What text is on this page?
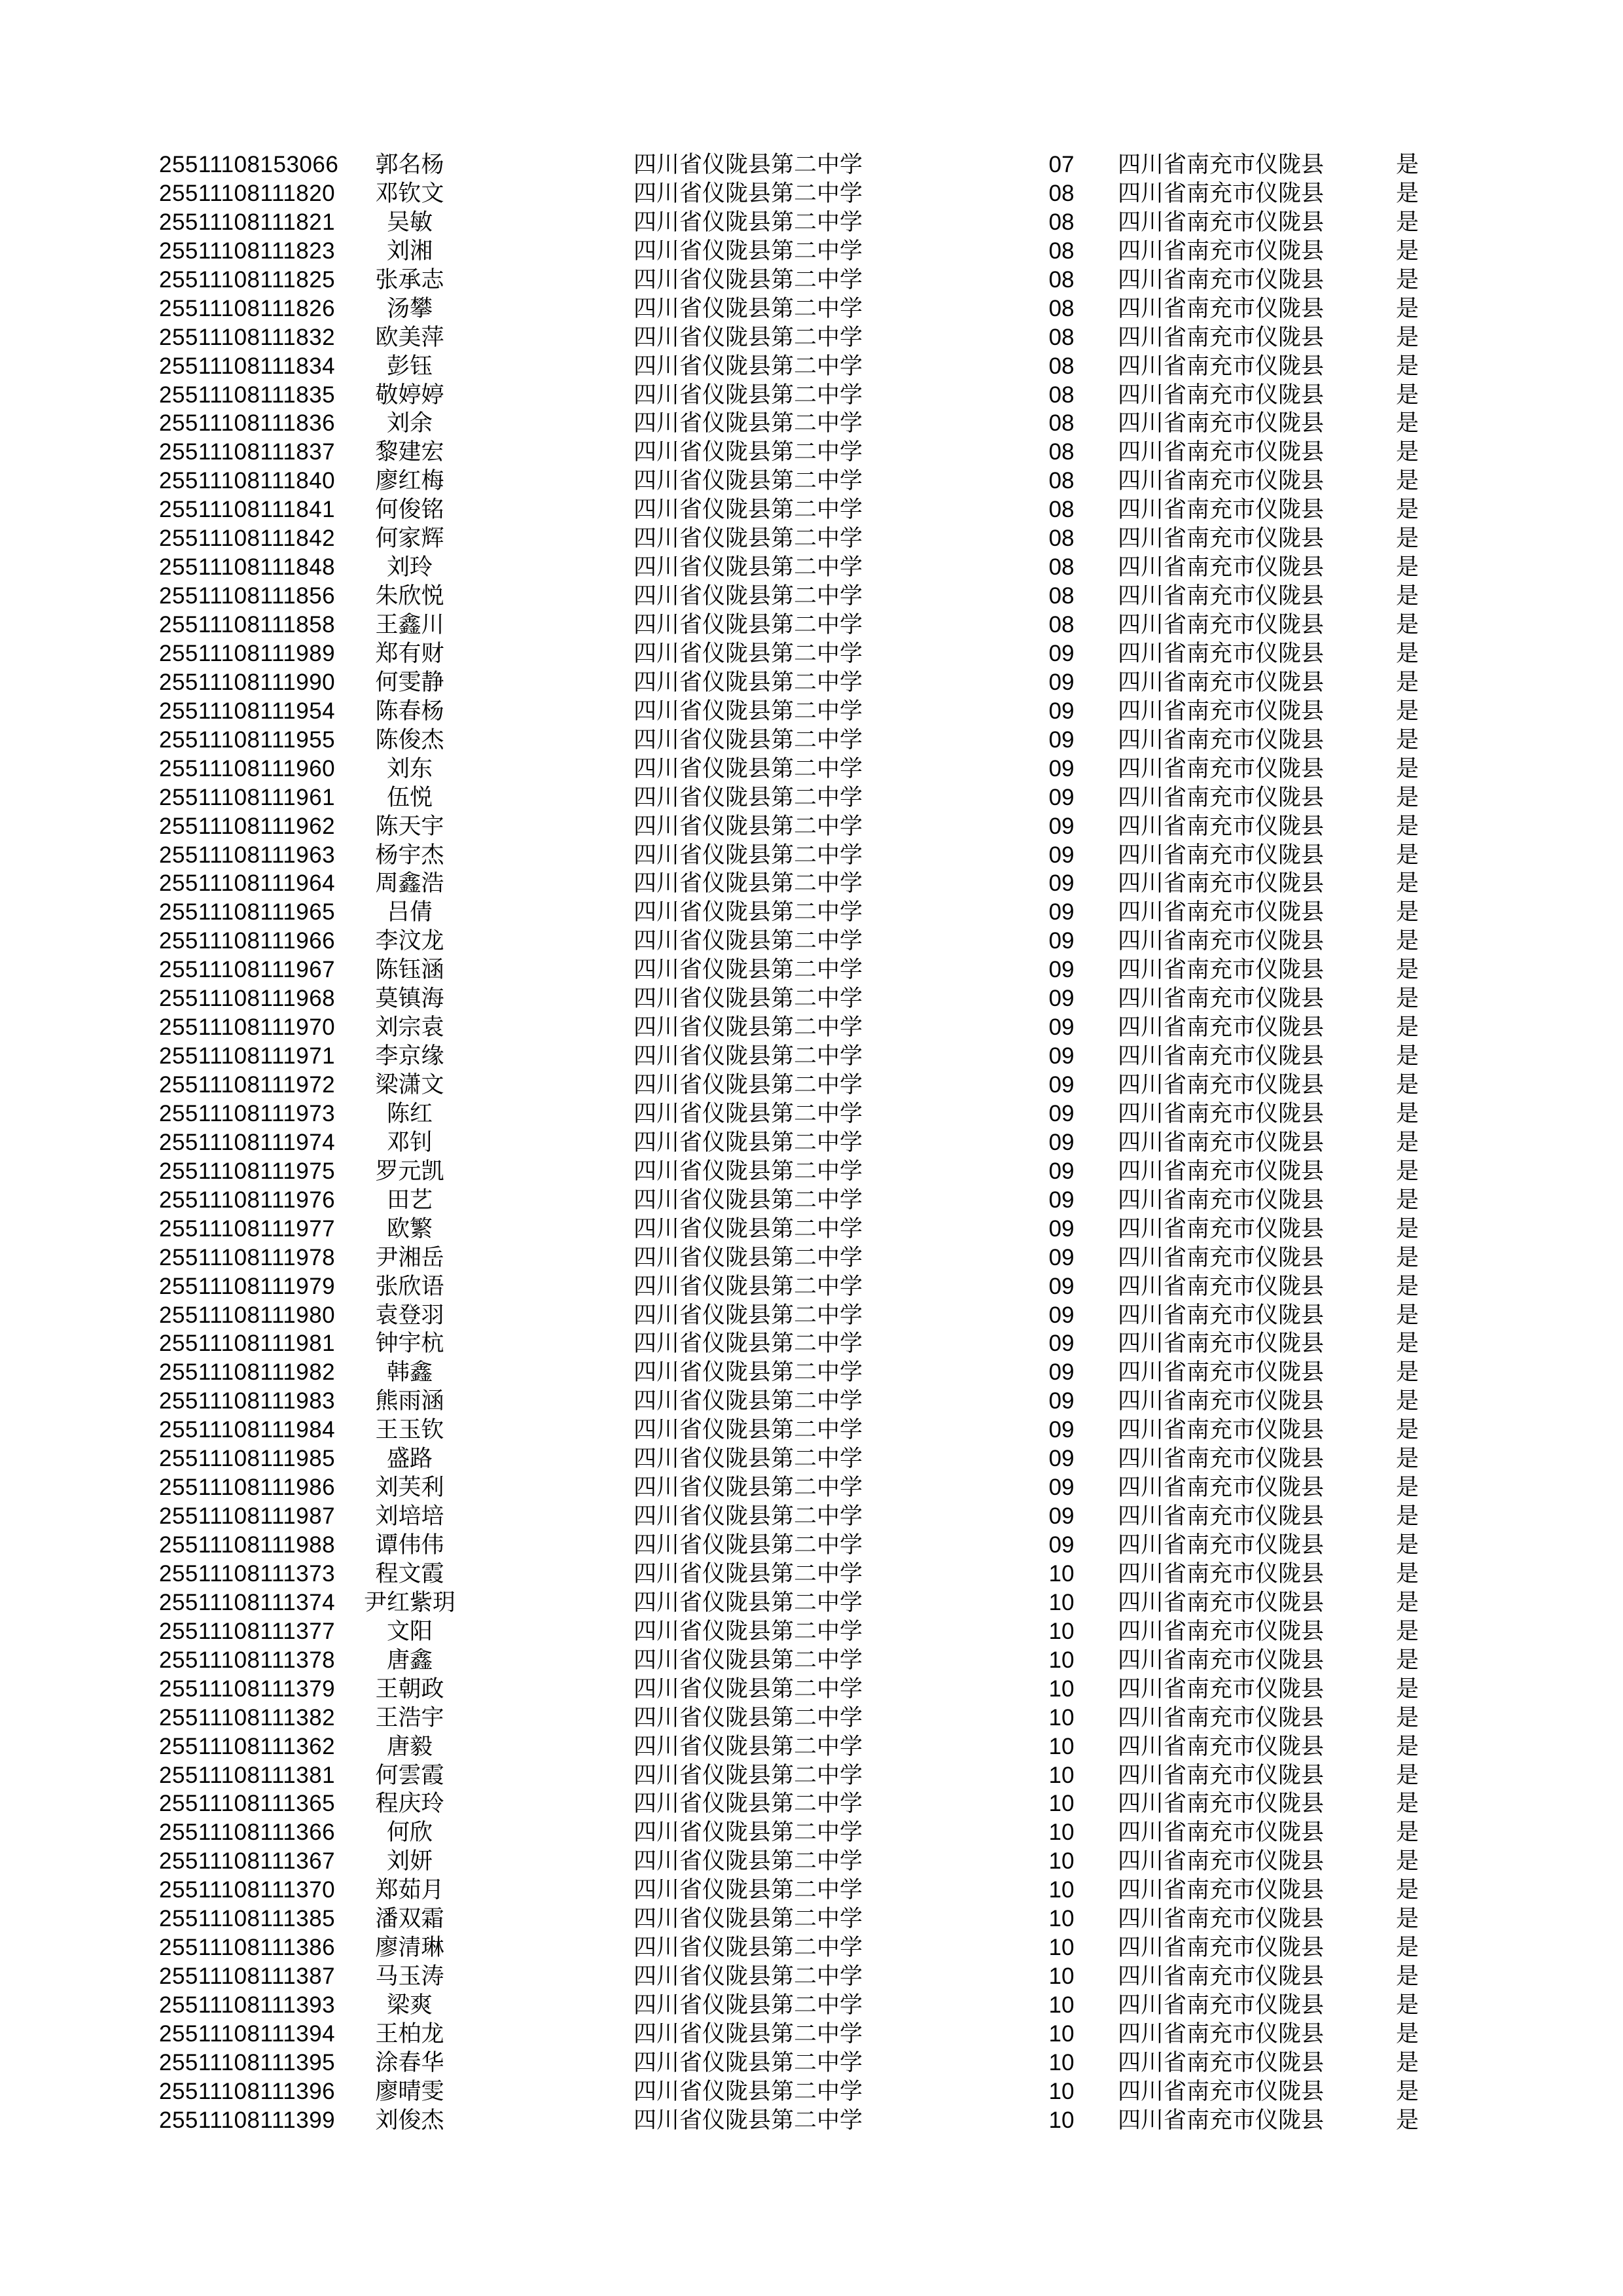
25511108153066	郭名杨	四川省仪陇县第二中学	07	四川省南充市仪陇县	是
25511108111820	邓钦文	四川省仪陇县第二中学	08	四川省南充市仪陇县	是
25511108111821	吴敏	四川省仪陇县第二中学	08	四川省南充市仪陇县	是
25511108111823	刘湘	四川省仪陇县第二中学	08	四川省南充市仪陇县	是
25511108111825	张承志	四川省仪陇县第二中学	08	四川省南充市仪陇县	是
25511108111826	汤攀	四川省仪陇县第二中学	08	四川省南充市仪陇县	是
25511108111832	欧美萍	四川省仪陇县第二中学	08	四川省南充市仪陇县	是
25511108111834	彭钰	四川省仪陇县第二中学	08	四川省南充市仪陇县	是
25511108111835	敬婷婷	四川省仪陇县第二中学	08	四川省南充市仪陇县	是
25511108111836	刘余	四川省仪陇县第二中学	08	四川省南充市仪陇县	是
25511108111837	黎建宏	四川省仪陇县第二中学	08	四川省南充市仪陇县	是
25511108111840	廖红梅	四川省仪陇县第二中学	08	四川省南充市仪陇县	是
25511108111841	何俊铭	四川省仪陇县第二中学	08	四川省南充市仪陇县	是
25511108111842	何家辉	四川省仪陇县第二中学	08	四川省南充市仪陇县	是
25511108111848	刘玲	四川省仪陇县第二中学	08	四川省南充市仪陇县	是
25511108111856	朱欣悦	四川省仪陇县第二中学	08	四川省南充市仪陇县	是
25511108111858	王鑫川	四川省仪陇县第二中学	08	四川省南充市仪陇县	是
25511108111989	郑有财	四川省仪陇县第二中学	09	四川省南充市仪陇县	是
25511108111990	何雯静	四川省仪陇县第二中学	09	四川省南充市仪陇县	是
25511108111954	陈春杨	四川省仪陇县第二中学	09	四川省南充市仪陇县	是
25511108111955	陈俊杰	四川省仪陇县第二中学	09	四川省南充市仪陇县	是
25511108111960	刘东	四川省仪陇县第二中学	09	四川省南充市仪陇县	是
25511108111961	伍悦	四川省仪陇县第二中学	09	四川省南充市仪陇县	是
25511108111962	陈天宇	四川省仪陇县第二中学	09	四川省南充市仪陇县	是
25511108111963	杨宇杰	四川省仪陇县第二中学	09	四川省南充市仪陇县	是
25511108111964	周鑫浩	四川省仪陇县第二中学	09	四川省南充市仪陇县	是
25511108111965	吕倩	四川省仪陇县第二中学	09	四川省南充市仪陇县	是
25511108111966	李汶龙	四川省仪陇县第二中学	09	四川省南充市仪陇县	是
25511108111967	陈钰涵	四川省仪陇县第二中学	09	四川省南充市仪陇县	是
25511108111968	莫镇海	四川省仪陇县第二中学	09	四川省南充市仪陇县	是
25511108111970	刘宗袁	四川省仪陇县第二中学	09	四川省南充市仪陇县	是
25511108111971	李京缘	四川省仪陇县第二中学	09	四川省南充市仪陇县	是
25511108111972	梁潇文	四川省仪陇县第二中学	09	四川省南充市仪陇县	是
25511108111973	陈红	四川省仪陇县第二中学	09	四川省南充市仪陇县	是
25511108111974	邓钊	四川省仪陇县第二中学	09	四川省南充市仪陇县	是
25511108111975	罗元凯	四川省仪陇县第二中学	09	四川省南充市仪陇县	是
25511108111976	田艺	四川省仪陇县第二中学	09	四川省南充市仪陇县	是
25511108111977	欧繁	四川省仪陇县第二中学	09	四川省南充市仪陇县	是
25511108111978	尹湘岳	四川省仪陇县第二中学	09	四川省南充市仪陇县	是
25511108111979	张欣语	四川省仪陇县第二中学	09	四川省南充市仪陇县	是
25511108111980	袁登羽	四川省仪陇县第二中学	09	四川省南充市仪陇县	是
25511108111981	钟宇杭	四川省仪陇县第二中学	09	四川省南充市仪陇县	是
25511108111982	韩鑫	四川省仪陇县第二中学	09	四川省南充市仪陇县	是
25511108111983	熊雨涵	四川省仪陇县第二中学	09	四川省南充市仪陇县	是
25511108111984	王玉钦	四川省仪陇县第二中学	09	四川省南充市仪陇县	是
25511108111985	盛路	四川省仪陇县第二中学	09	四川省南充市仪陇县	是
25511108111986	刘芙利	四川省仪陇县第二中学	09	四川省南充市仪陇县	是
25511108111987	刘培培	四川省仪陇县第二中学	09	四川省南充市仪陇县	是
25511108111988	谭伟伟	四川省仪陇县第二中学	09	四川省南充市仪陇县	是
25511108111373	程文霞	四川省仪陇县第二中学	10	四川省南充市仪陇县	是
25511108111374	尹红紫玥	四川省仪陇县第二中学	10	四川省南充市仪陇县	是
25511108111377	文阳	四川省仪陇县第二中学	10	四川省南充市仪陇县	是
25511108111378	唐鑫	四川省仪陇县第二中学	10	四川省南充市仪陇县	是
25511108111379	王朝政	四川省仪陇县第二中学	10	四川省南充市仪陇县	是
25511108111382	王浩宇	四川省仪陇县第二中学	10	四川省南充市仪陇县	是
25511108111362	唐毅	四川省仪陇县第二中学	10	四川省南充市仪陇县	是
25511108111381	何雲霞	四川省仪陇县第二中学	10	四川省南充市仪陇县	是
25511108111365	程庆玲	四川省仪陇县第二中学	10	四川省南充市仪陇县	是
25511108111366	何欣	四川省仪陇县第二中学	10	四川省南充市仪陇县	是
25511108111367	刘妍	四川省仪陇县第二中学	10	四川省南充市仪陇县	是
25511108111370	郑茹月	四川省仪陇县第二中学	10	四川省南充市仪陇县	是
25511108111385	潘双霜	四川省仪陇县第二中学	10	四川省南充市仪陇县	是
25511108111386	廖清琳	四川省仪陇县第二中学	10	四川省南充市仪陇县	是
25511108111387	马玉涛	四川省仪陇县第二中学	10	四川省南充市仪陇县	是
25511108111393	梁爽	四川省仪陇县第二中学	10	四川省南充市仪陇县	是
25511108111394	王柏龙	四川省仪陇县第二中学	10	四川省南充市仪陇县	是
25511108111395	涂春华	四川省仪陇县第二中学	10	四川省南充市仪陇县	是
25511108111396	廖晴雯	四川省仪陇县第二中学	10	四川省南充市仪陇县	是
25511108111399	刘俊杰	四川省仪陇县第二中学	10	四川省南充市仪陇县	是
